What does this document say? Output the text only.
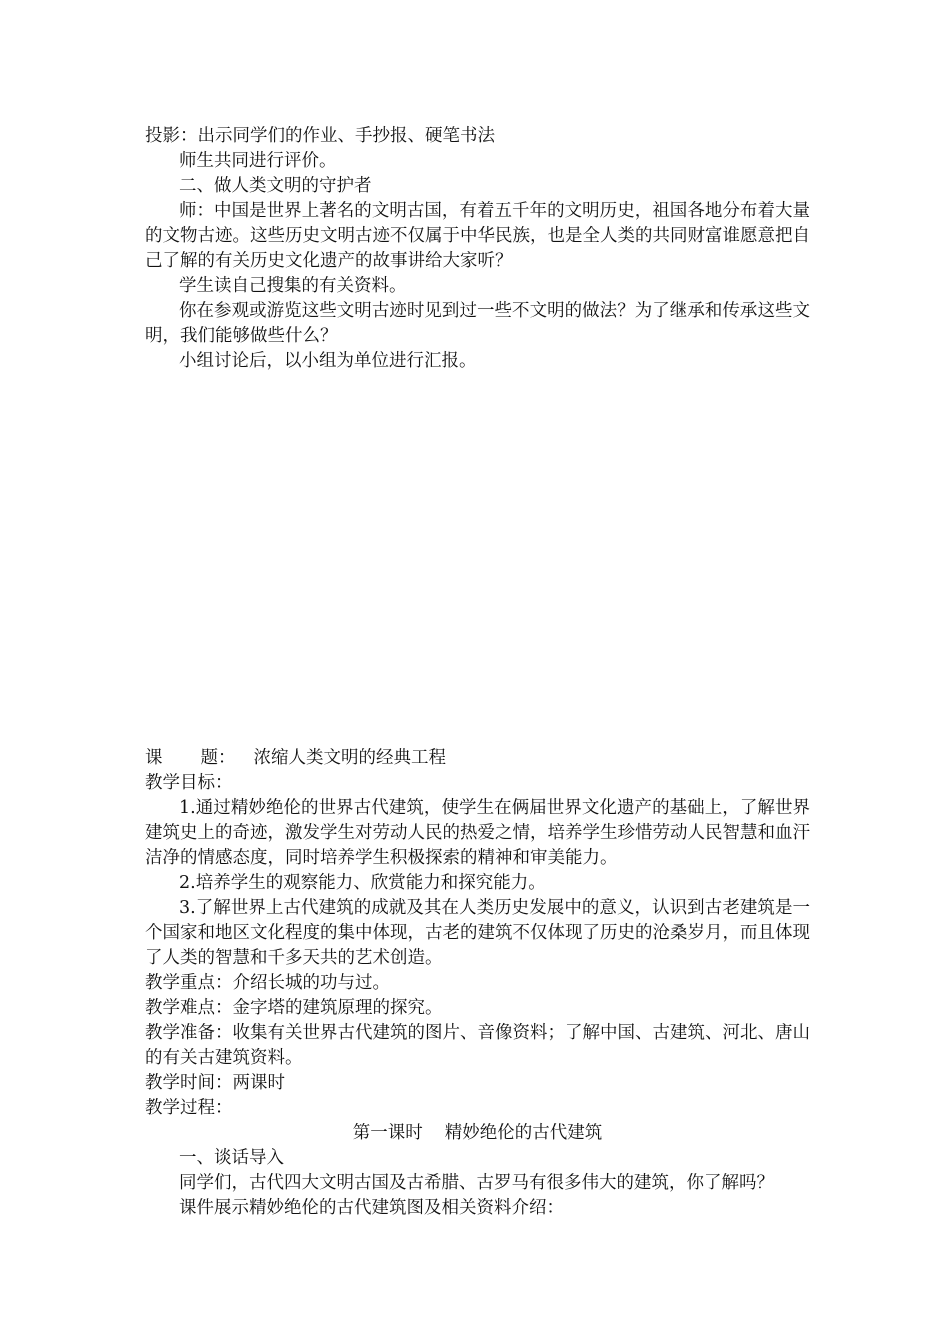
投影：出示同学们的作业、手抄报、硬笔书法

师生共同进行评价。

二、做人类文明的守护者

师：中国是世界上著名的文明古国，有着五千年的文明历史，祖国各地分布着大量的文物古迹。这些历史文明古迹不仅属于中华民族，也是全人类的共同财富谁愿意把自己了解的有关历史文化遗产的故事讲给大家听？

学生读自己搜集的有关资料。

你在参观或游览这些文明古迹时见到过一些不文明的做法？为了继承和传承这些文明，我们能够做些什么？

小组讨论后，以小组为单位进行汇报。

课 题： 浓缩人类文明的经典工程

教学目标：

1.通过精妙绝伦的世界古代建筑，使学生在俩届世界文化遗产的基础上，了解世界建筑史上的奇迹，激发学生对劳动人民的热爱之情，培养学生珍惜劳动人民智慧和血汗洁净的情感态度，同时培养学生积极探索的精神和审美能力。

2.培养学生的观察能力、欣赏能力和探究能力。

3.了解世界上古代建筑的成就及其在人类历史发展中的意义，认识到古老建筑是一个国家和地区文化程度的集中体现，古老的建筑不仅体现了历史的沧桑岁月，而且体现了人类的智慧和千多天共的艺术创造。

教学重点：介绍长城的功与过。

教学难点：金字塔的建筑原理的探究。

教学准备：收集有关世界古代建筑的图片、音像资料；了解中国、古建筑、河北、唐山的有关古建筑资料。

教学时间：两课时

教学过程：

第一课时 精妙绝伦的古代建筑

一、谈话导入

同学们，古代四大文明古国及古希腊、古罗马有很多伟大的建筑，你了解吗？

课件展示精妙绝伦的古代建筑图及相关资料介绍：
